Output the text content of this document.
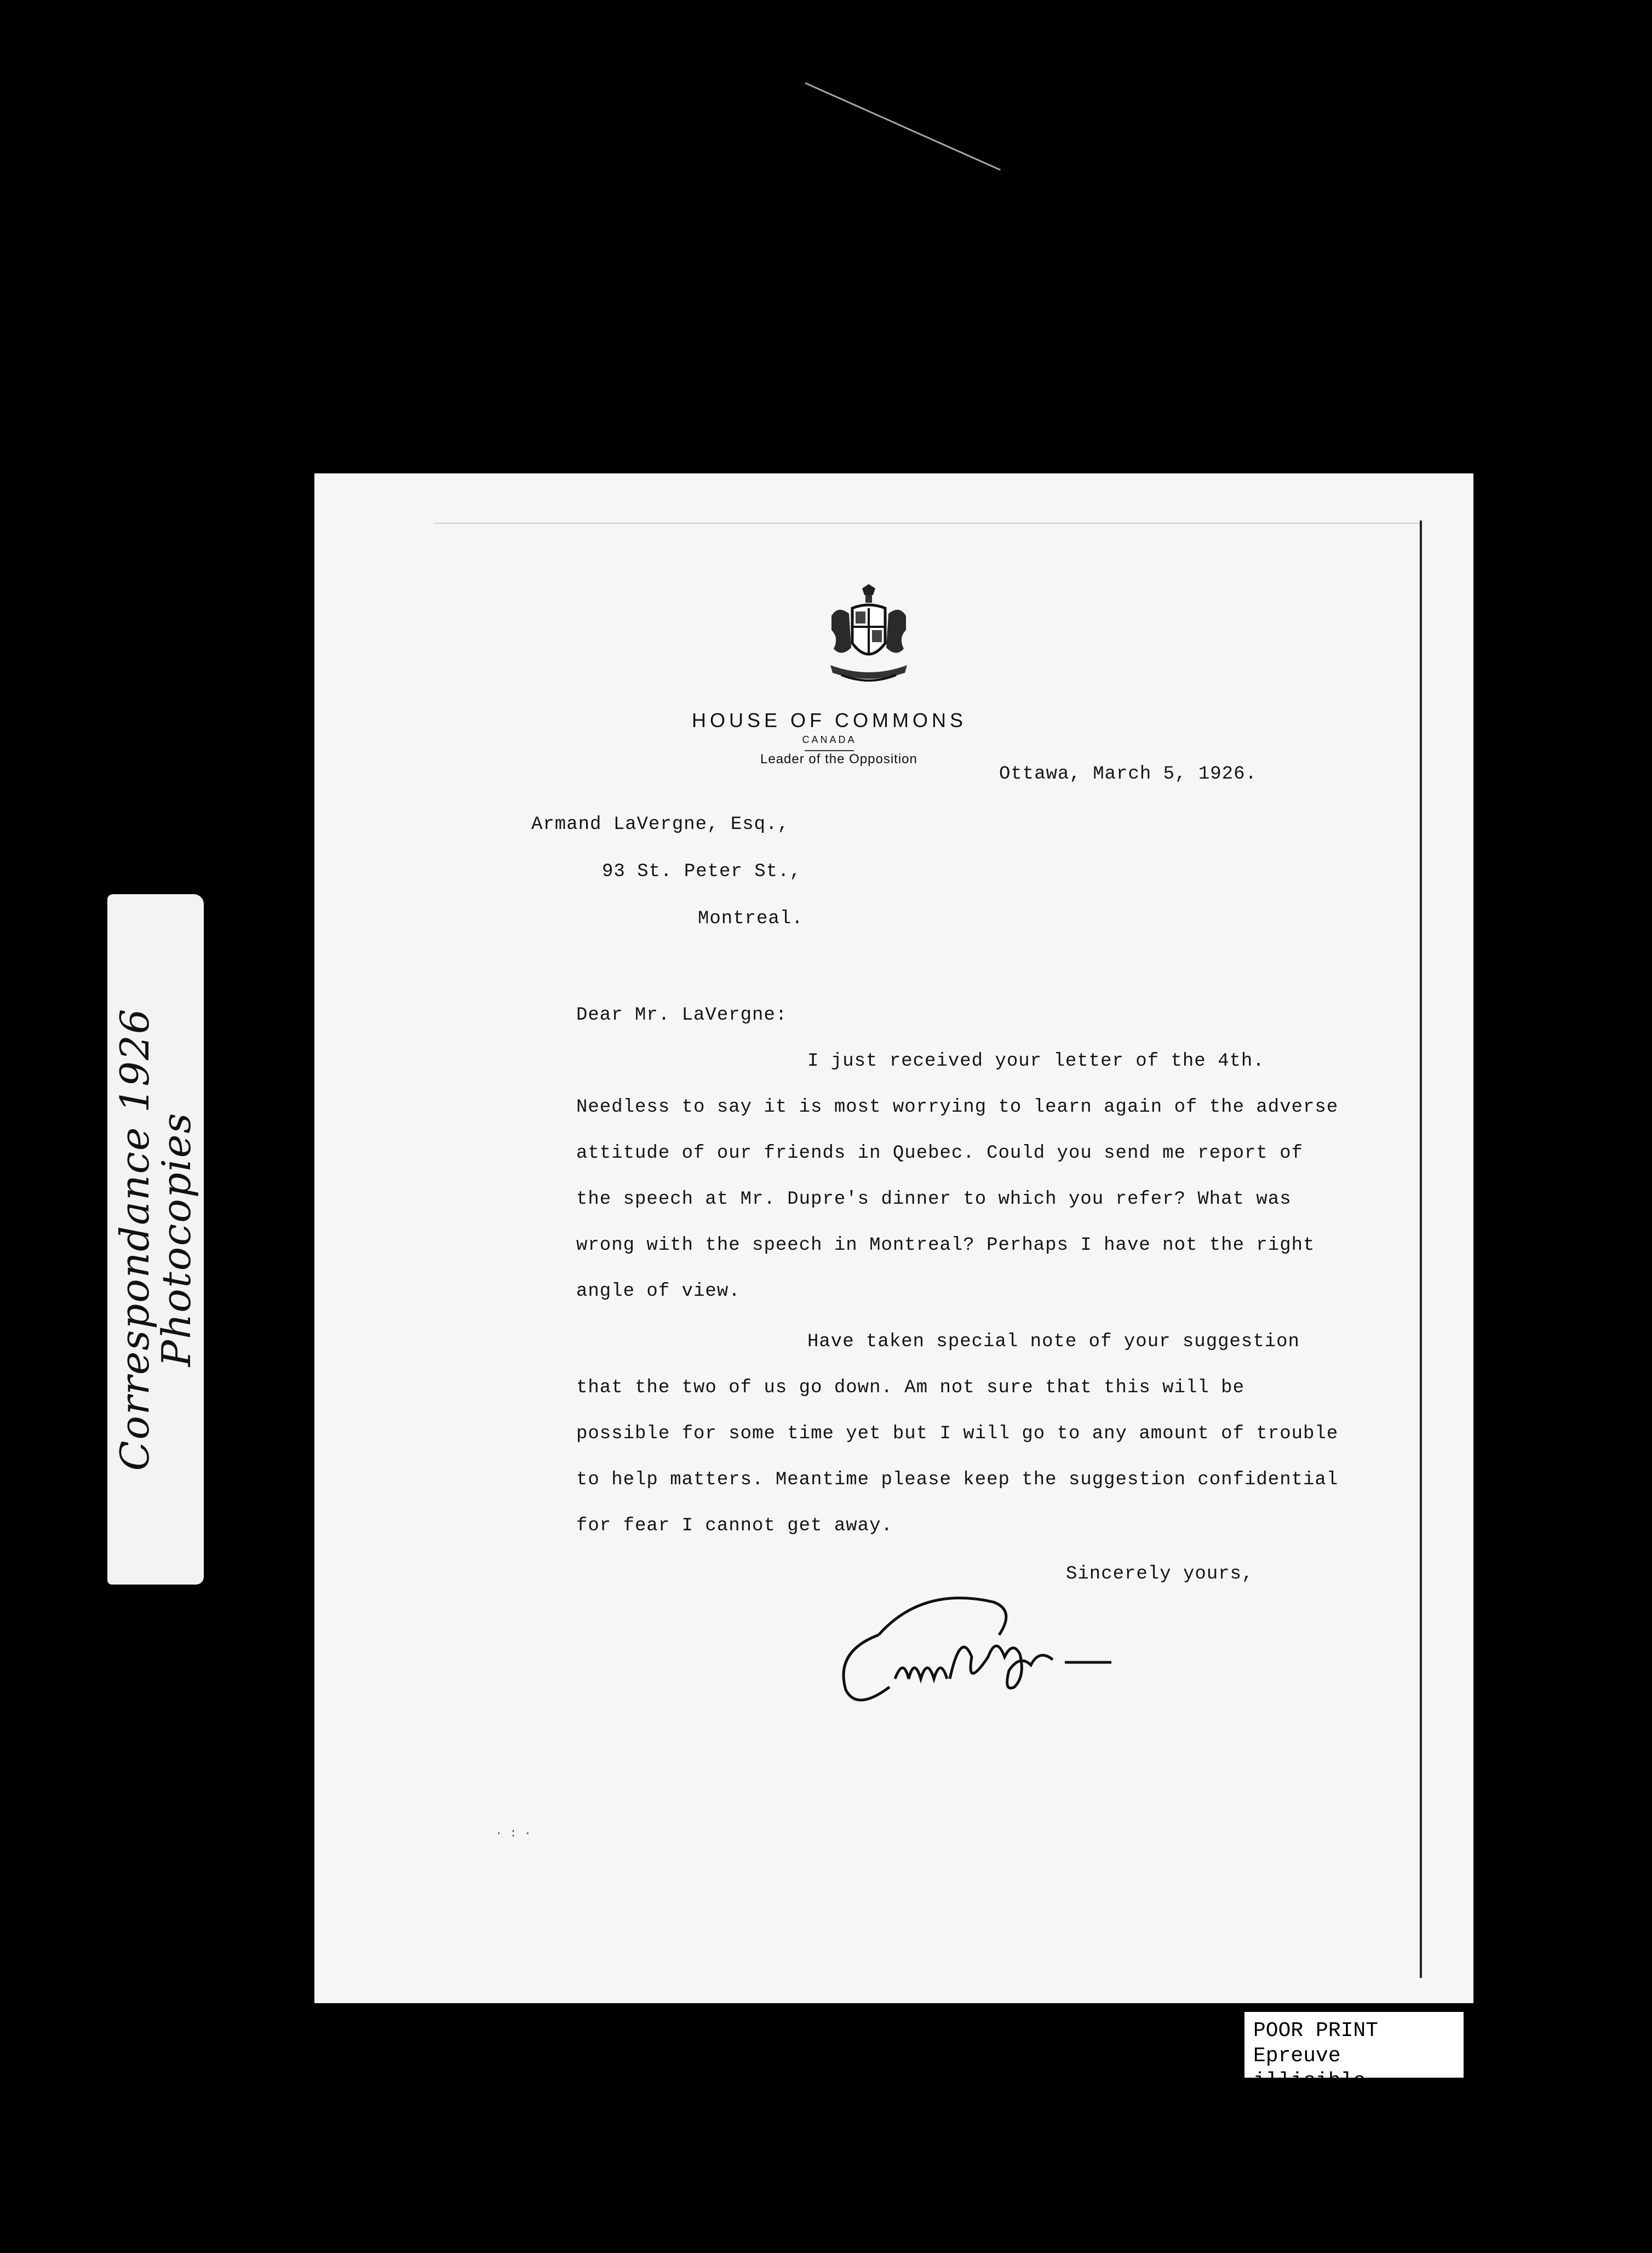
Correspondance 1926 Photocopies
HOUSE OF COMMONS
CANADA
Leader of the Opposition
Ottawa, March 5, 1926.
Armand LaVergne, Esq.,
93 St. Peter St.,
Montreal.
Dear Mr. LaVergne:
I just received your letter of the 4th.
Needless to say it is most worrying to learn again of the adverse
attitude of our friends in Quebec. Could you send me report of
the speech at Mr. Dupre's dinner to which you refer? What was
wrong with the speech in Montreal? Perhaps I have not the right
angle of view.
Have taken special note of your suggestion
that the two of us go down. Am not sure that this will be
possible for some time yet but I will go to any amount of trouble
to help matters. Meantime please keep the suggestion confidential
for fear I cannot get away.
Sincerely yours,
· : ·
POOR PRINT
Epreuve illisible
